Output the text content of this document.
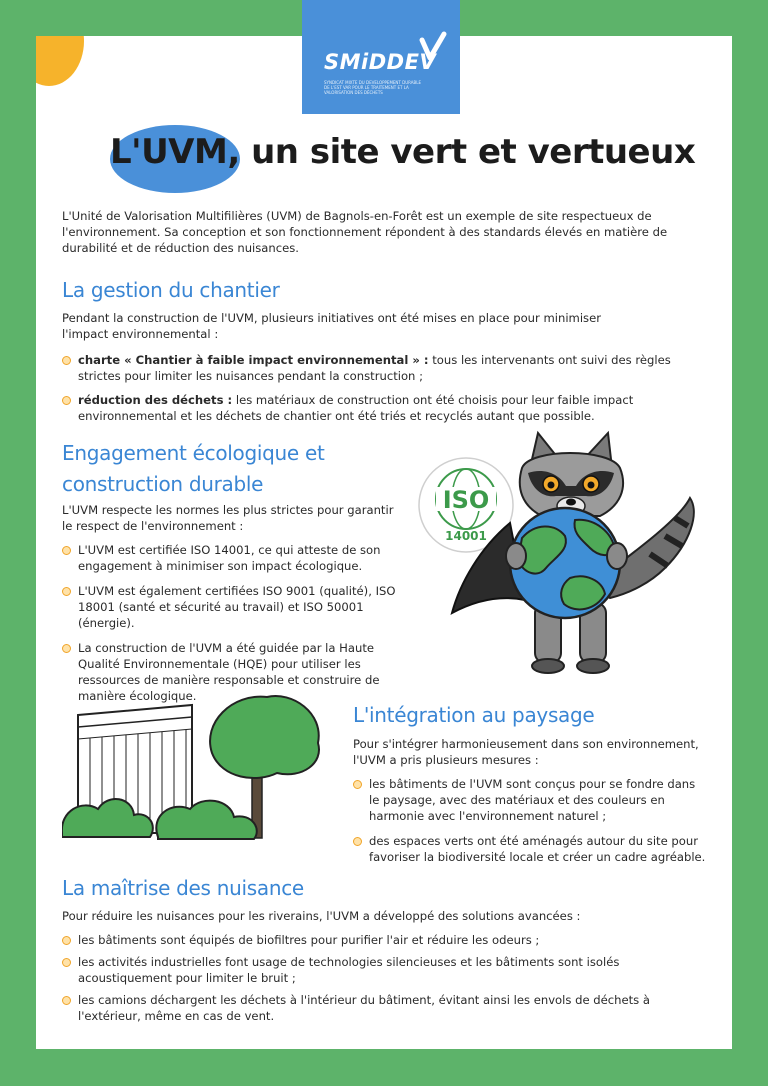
SMiDDEV
SYNDICAT MIXTE DU DEVELOPPEMENT DURABLE DE L'EST VAR POUR LE TRAITEMENT ET LA VALORISATION DES DÉCHETS
L'UVM, un site vert et vertueux

L'Unité de Valorisation Multifilières (UVM) de Bagnols-en-Forêt est un exemple de site respectueux de l'environnement. Sa conception et son fonctionnement répondent à des standards élevés en matière de durabilité et de réduction des nuisances.

La gestion du chantier

Pendant la construction de l'UVM, plusieurs initiatives ont été mises en place pour minimiser l'impact environnemental :

charte « Chantier à faible impact environnemental » : tous les intervenants ont suivi des règles strictes pour limiter les nuisances pendant la construction ;
réduction des déchets : les matériaux de construction ont été choisis pour leur faible impact environnemental et les déchets de chantier ont été triés et recyclés autant que possible.
Engagement écologique et
construction durable

L'UVM respecte les normes les plus strictes pour garantir le respect de l'environnement :

L'UVM est certifiée ISO 14001, ce qui atteste de son engagement à minimiser son impact écologique.
L'UVM est également certifiées ISO 9001 (qualité), ISO 18001 (santé et sécurité au travail) et ISO 50001 (énergie).
La construction de l'UVM a été guidée par la Haute Qualité Environnementale (HQE) pour utiliser les ressources de manière responsable et construire de manière écologique.
ISO
14001
L'intégration au paysage

Pour s'intégrer harmonieusement dans son environnement, l'UVM a pris plusieurs mesures :

les bâtiments de l'UVM sont conçus pour se fondre dans le paysage, avec des matériaux et des couleurs en harmonie avec l'environnement naturel ;
des espaces verts ont été aménagés autour du site pour favoriser la biodiversité locale et créer un cadre agréable.
La maîtrise des nuisance

Pour réduire les nuisances pour les riverains, l'UVM a développé des solutions avancées :

les bâtiments sont équipés de biofiltres pour purifier l'air et réduire les odeurs ;
les activités industrielles font usage de technologies silencieuses et les bâtiments sont isolés acoustiquement pour limiter le bruit ;
les camions déchargent les déchets à l'intérieur du bâtiment, évitant ainsi les envols de déchets à l'extérieur, même en cas de vent.
